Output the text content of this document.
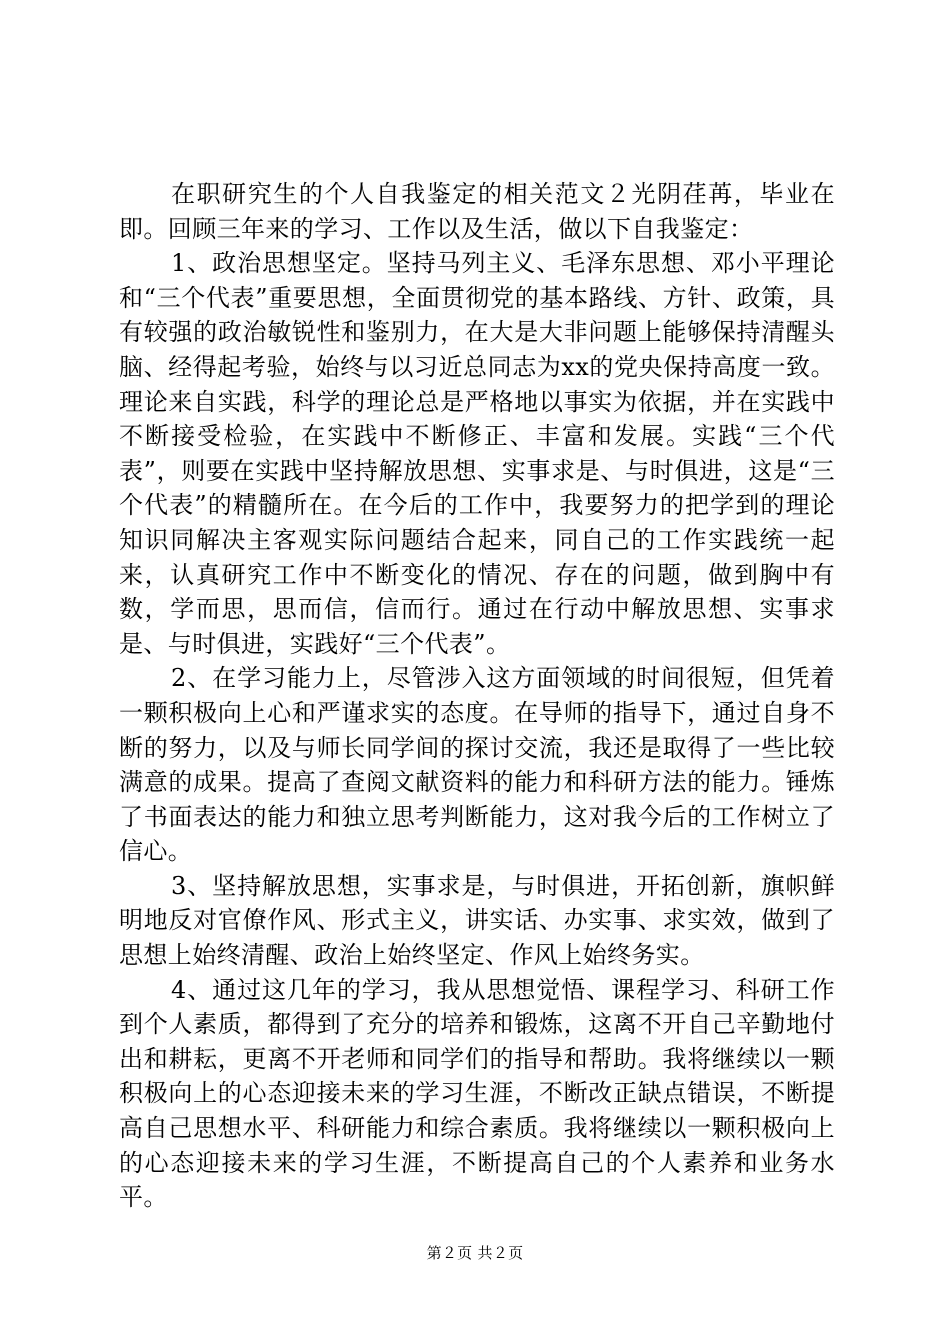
在职研究生的个人自我鉴定的相关范文２光阴荏苒，毕业在即。回顾三年来的学习、工作以及生活，做以下自我鉴定：

1、政治思想坚定。坚持马列主义、毛泽东思想、邓小平理论和“三个代表”重要思想，全面贯彻党的基本路线、方针、政策，具有较强的政治敏锐性和鉴别力，在大是大非问题上能够保持清醒头脑、经得起考验，始终与以习近总同志为xx的党央保持高度一致。理论来自实践，科学的理论总是严格地以事实为依据，并在实践中不断接受检验，在实践中不断修正、丰富和发展。实践“三个代表”，则要在实践中坚持解放思想、实事求是、与时俱进，这是“三个代表”的精髓所在。在今后的工作中，我要努力的把学到的理论知识同解决主客观实际问题结合起来，同自己的工作实践统一起来，认真研究工作中不断变化的情况、存在的问题，做到胸中有数，学而思，思而信，信而行。通过在行动中解放思想、实事求是、与时俱进，实践好“三个代表”。

2、在学习能力上，尽管涉入这方面领域的时间很短，但凭着一颗积极向上心和严谨求实的态度。在导师的指导下，通过自身不断的努力，以及与师长同学间的探讨交流，我还是取得了一些比较满意的成果。提高了查阅文献资料的能力和科研方法的能力。锤炼了书面表达的能力和独立思考判断能力，这对我今后的工作树立了信心。

3、坚持解放思想，实事求是，与时俱进，开拓创新，旗帜鲜明地反对官僚作风、形式主义，讲实话、办实事、求实效，做到了思想上始终清醒、政治上始终坚定、作风上始终务实。

4、通过这几年的学习，我从思想觉悟、课程学习、科研工作到个人素质，都得到了充分的培养和锻炼，这离不开自己辛勤地付出和耕耘，更离不开老师和同学们的指导和帮助。我将继续以一颗积极向上的心态迎接未来的学习生涯，不断改正缺点错误，不断提高自己思想水平、科研能力和综合素质。我将继续以一颗积极向上的心态迎接未来的学习生涯，不断提高自己的个人素养和业务水平。

第２页 共２页
